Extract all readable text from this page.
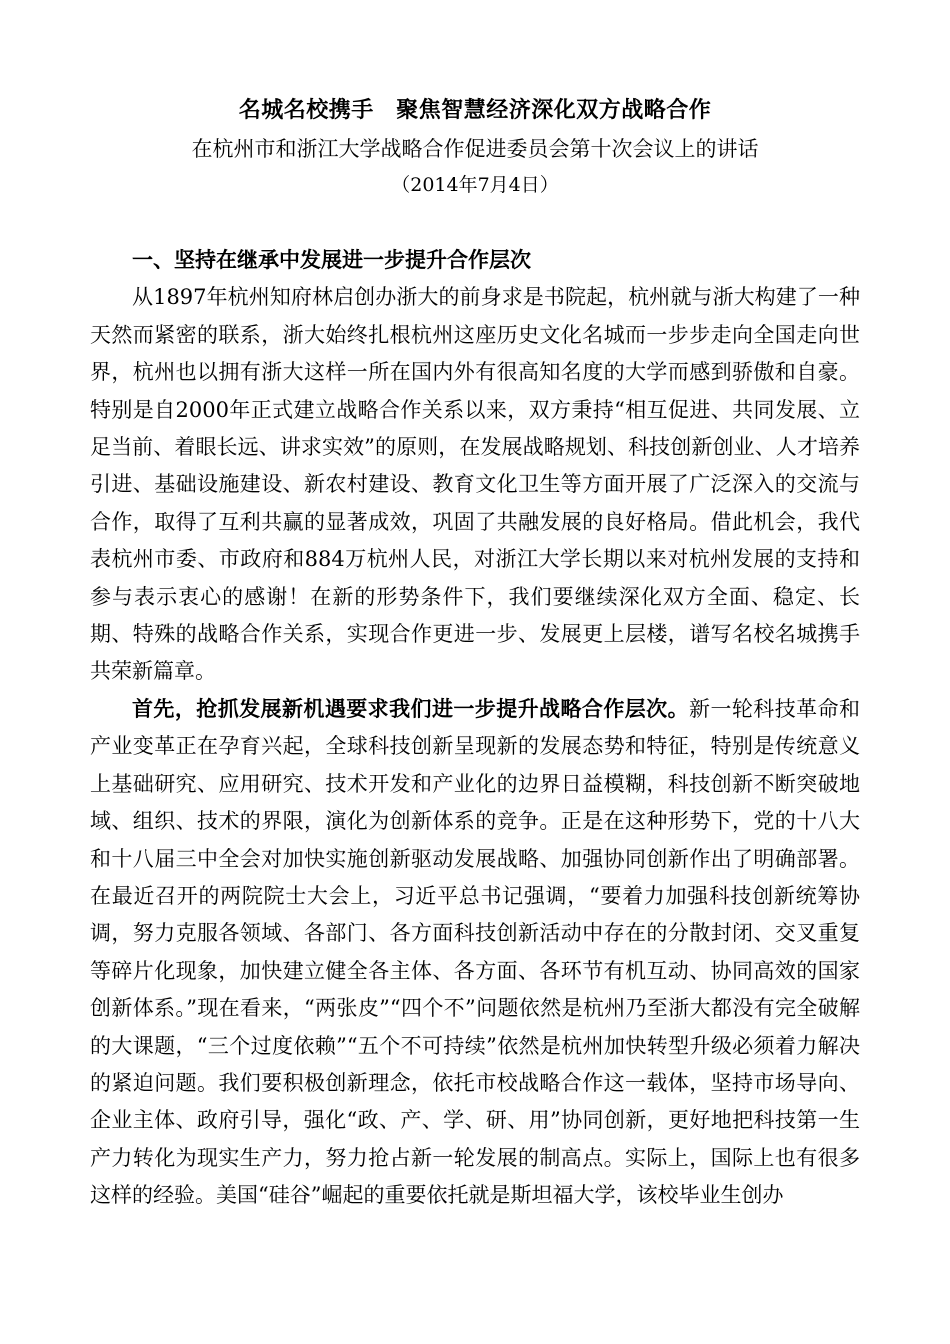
名城名校携手　聚焦智慧经济深化双方战略合作
在杭州市和浙江大学战略合作促进委员会第十次会议上的讲话
（2014年7月4日）
一、坚持在继承中发展进一步提升合作层次

从1897年杭州知府林启创办浙大的前身求是书院起，杭州就与浙大构建了一种天然而紧密的联系，浙大始终扎根杭州这座历史文化名城而一步步走向全国走向世界，杭州也以拥有浙大这样一所在国内外有很高知名度的大学而感到骄傲和自豪。特别是自2000年正式建立战略合作关系以来，双方秉持“相互促进、共同发展、立足当前、着眼长远、讲求实效”的原则，在发展战略规划、科技创新创业、人才培养引进、基础设施建设、新农村建设、教育文化卫生等方面开展了广泛深入的交流与合作，取得了互利共赢的显著成效，巩固了共融发展的良好格局。借此机会，我代表杭州市委、市政府和884万杭州人民，对浙江大学长期以来对杭州发展的支持和参与表示衷心的感谢！在新的形势条件下，我们要继续深化双方全面、稳定、长期、特殊的战略合作关系，实现合作更进一步、发展更上层楼，谱写名校名城携手共荣新篇章。

首先，抢抓发展新机遇要求我们进一步提升战略合作层次。新一轮科技革命和产业变革正在孕育兴起，全球科技创新呈现新的发展态势和特征，特别是传统意义上基础研究、应用研究、技术开发和产业化的边界日益模糊，科技创新不断突破地域、组织、技术的界限，演化为创新体系的竞争。正是在这种形势下，党的十八大和十八届三中全会对加快实施创新驱动发展战略、加强协同创新作出了明确部署。在最近召开的两院院士大会上，习近平总书记强调，“要着力加强科技创新统筹协调，努力克服各领域、各部门、各方面科技创新活动中存在的分散封闭、交叉重复等碎片化现象，加快建立健全各主体、各方面、各环节有机互动、协同高效的国家创新体系。”现在看来，“两张皮”“四个不”问题依然是杭州乃至浙大都没有完全破解的大课题，“三个过度依赖”“五个不可持续”依然是杭州加快转型升级必须着力解决的紧迫问题。我们要积极创新理念，依托市校战略合作这一载体，坚持市场导向、企业主体、政府引导，强化“政、产、学、研、用”协同创新，更好地把科技第一生产力转化为现实生产力，努力抢占新一轮发展的制高点。实际上，国际上也有很多这样的经验。美国“硅谷”崛起的重要依托就是斯坦福大学，该校毕业生创办
